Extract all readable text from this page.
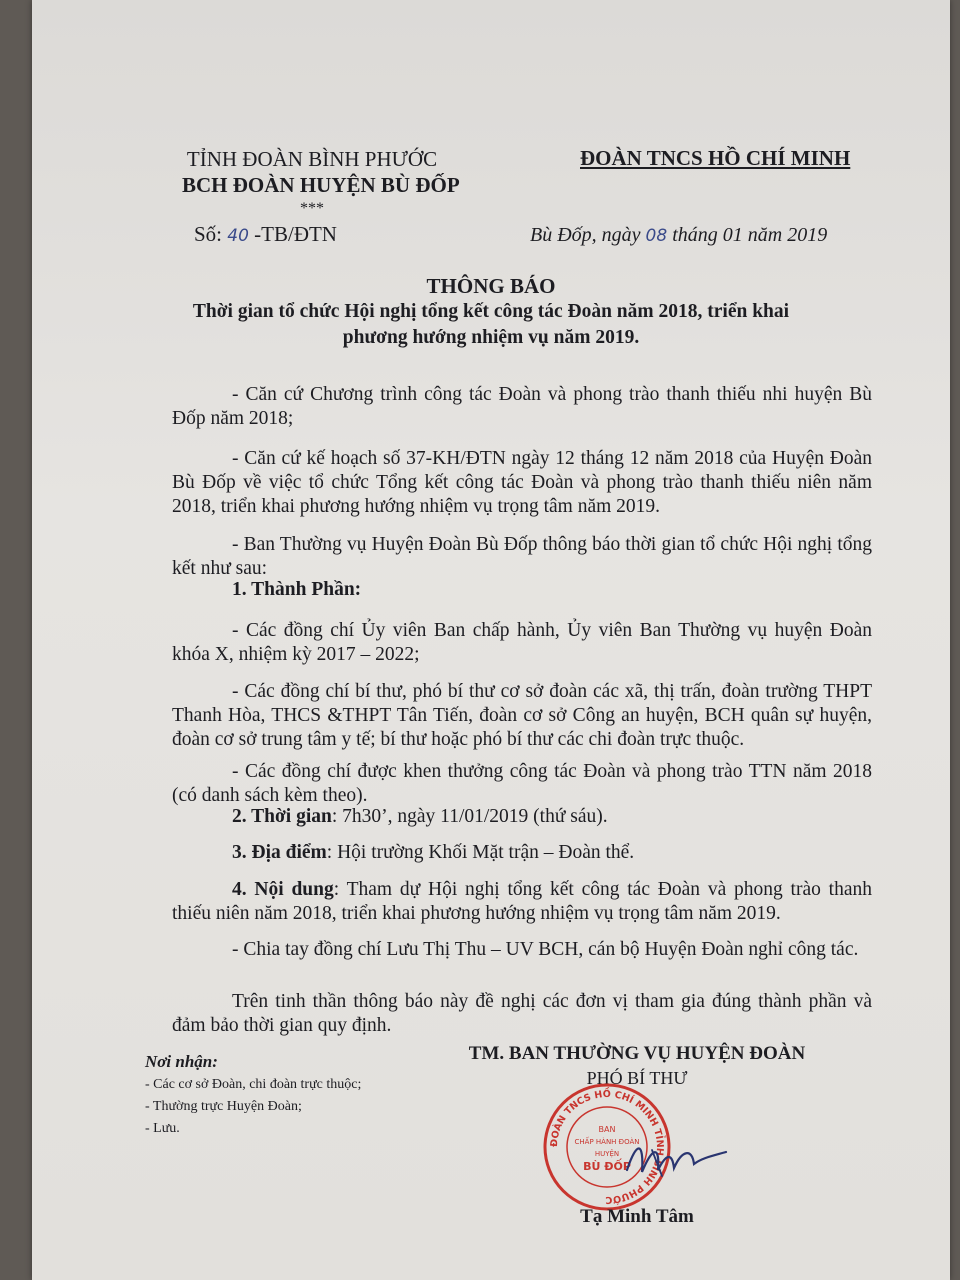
TỈNH ĐOÀN BÌNH PHƯỚC
BCH ĐOÀN HUYỆN BÙ ĐỐP
***
Số: 40 -TB/ĐTN
ĐOÀN TNCS HỒ CHÍ MINH
Bù Đốp, ngày 08 tháng 01 năm 2019
THÔNG BÁO
Thời gian tổ chức Hội nghị tổng kết công tác Đoàn năm 2018, triển khai
phương hướng nhiệm vụ năm 2019.
- Căn cứ Chương trình công tác Đoàn và phong trào thanh thiếu nhi huyện Bù Đốp năm 2018;
- Căn cứ kế hoạch số 37-KH/ĐTN ngày 12 tháng 12 năm 2018 của Huyện Đoàn Bù Đốp về việc tổ chức Tổng kết công tác Đoàn và phong trào thanh thiếu niên năm 2018, triển khai phương hướng nhiệm vụ trọng tâm năm 2019.
- Ban Thường vụ Huyện Đoàn Bù Đốp thông báo thời gian tổ chức Hội nghị tổng kết như sau:
1. Thành Phần:
- Các đồng chí Ủy viên Ban chấp hành, Ủy viên Ban Thường vụ huyện Đoàn khóa X, nhiệm kỳ 2017 – 2022;
- Các đồng chí bí thư, phó bí thư cơ sở đoàn các xã, thị trấn, đoàn trường THPT Thanh Hòa, THCS &THPT Tân Tiến, đoàn cơ sở Công an huyện, BCH quân sự huyện, đoàn cơ sở trung tâm y tế; bí thư hoặc phó bí thư các chi đoàn trực thuộc.
- Các đồng chí được khen thưởng công tác Đoàn và phong trào TTN năm 2018 (có danh sách kèm theo).
2. Thời gian: 7h30’, ngày 11/01/2019 (thứ sáu).
3. Địa điểm: Hội trường Khối Mặt trận – Đoàn thể.
4. Nội dung: Tham dự Hội nghị tổng kết công tác Đoàn và phong trào thanh thiếu niên năm 2018, triển khai phương hướng nhiệm vụ trọng tâm năm 2019.
- Chia tay đồng chí Lưu Thị Thu – UV BCH, cán bộ Huyện Đoàn nghỉ công tác.
Trên tinh thần thông báo này đề nghị các đơn vị tham gia đúng thành phần và đảm bảo thời gian quy định.
Nơi nhận:
- Các cơ sở Đoàn, chi đoàn trực thuộc;
- Thường trực Huyện Đoàn;
- Lưu.
TM. BAN THƯỜNG VỤ HUYỆN ĐOÀN
PHÓ BÍ THƯ
ĐOÀN TNCS HỒ CHÍ MINH TỈNH BÌNH PHƯỚC
BAN
CHẤP HÀNH ĐOÀN
HUYỆN
BÙ ĐỐP
Tạ Minh Tâm
